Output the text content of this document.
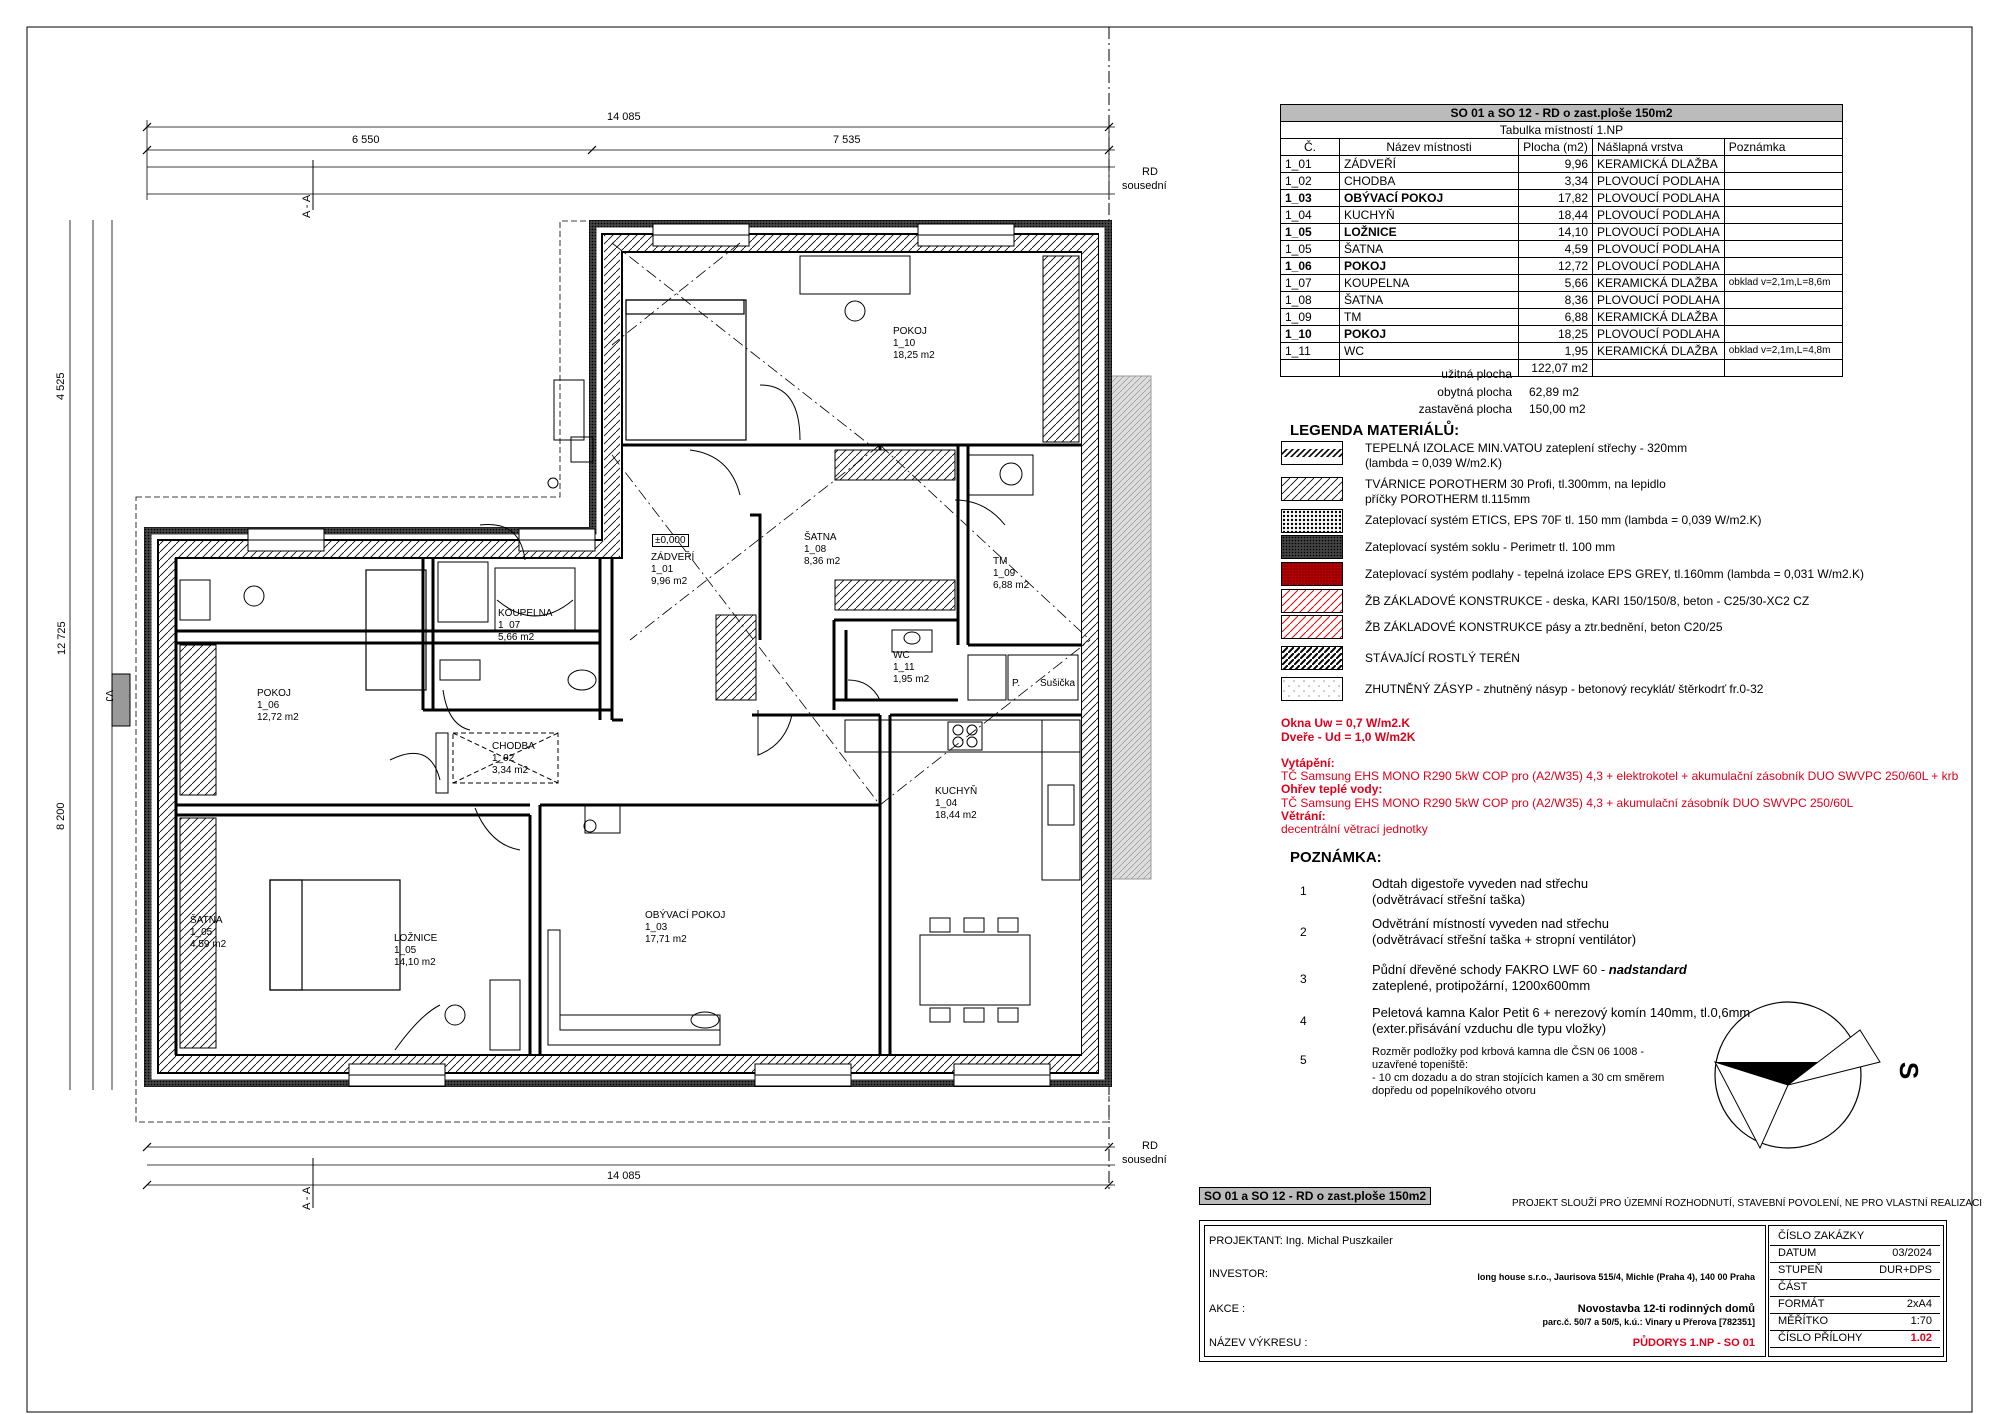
14 085
14 085
6 550	7 535
12 725
4 525
8 200
RD
sousední
RD
sousední
A - A
A - A
±0,000
VJ
POKOJ
1_10
18,25 m2
ŠATNA
1_08
8,36 m2
ZÁDVEŘÍ
1_01
9,96 m2
TM
1_09
6,88 m2
KOUPELNA
1_07
5,66 m2
POKOJ
1_06
12,72 m2
WC
1_11
1,95 m2
CHODBA
1_02
3,34 m2
KUCHYŇ
1_04
18,44 m2
ŠATNA
1_05
4,59 m2
LOŽNICE
1_05
14,10 m2
OBÝVACÍ POKOJ
1_03
17,71 m2
Sušička
P.
SO 01 a SO 12 - RD o zast.ploše 150m2				
Tabulka místností 1.NP				
Č.	Název místnosti	Plocha (m2)	Nášlapná vrstva	Poznámka
1_01	ZÁDVEŘÍ	9,96	KERAMICKÁ DLAŽBA	
1_02	CHODBA	3,34	PLOVOUCÍ PODLAHA	
1_03	OBÝVACÍ POKOJ	17,82	PLOVOUCÍ PODLAHA	
1_04	KUCHYŇ	18,44	PLOVOUCÍ PODLAHA	
1_05	LOŽNICE	14,10	PLOVOUCÍ PODLAHA	
1_05	ŠATNA	4,59	PLOVOUCÍ PODLAHA	
1_06	POKOJ	12,72	PLOVOUCÍ PODLAHA	
1_07	KOUPELNA	5,66	KERAMICKÁ DLAŽBA	obklad v=2,1m,L=8,6m
1_08	ŠATNA	8,36	PLOVOUCÍ PODLAHA	
1_09	TM	6,88	KERAMICKÁ DLAŽBA	
1_10	POKOJ	18,25	PLOVOUCÍ PODLAHA	
1_11	WC	1,95	KERAMICKÁ DLAŽBA	obklad v=2,1m,L=4,8m
		122,07 m2		
užitná plocha
obytná plocha 62,89 m2
zastavěná plocha 150,00 m2
LEGENDA MATERIÁLŮ:
TEPELNÁ IZOLACE MIN.VATOU zateplení střechy - 320mm
(lambda = 0,039 W/m2.K)
TVÁRNICE POROTHERM 30 Profi, tl.300mm, na lepidlo
příčky POROTHERM tl.115mm
Zateplovací systém ETICS, EPS 70F tl. 150 mm (lambda = 0,039 W/m2.K)
Zateplovací systém soklu - Perimetr tl. 100 mm
Zateplovací systém podlahy - tepelná izolace EPS GREY, tl.160mm (lambda = 0,031 W/m2.K)
ŽB ZÁKLADOVÉ KONSTRUKCE - deska, KARI 150/150/8, beton - C25/30-XC2 CZ
ŽB ZÁKLADOVÉ KONSTRUKCE pásy a ztr.bednění, beton C20/25
STÁVAJÍCÍ ROSTLÝ TERÉN
ZHUTNĚNÝ ZÁSYP - zhutněný násyp - betonový recyklát/ štěrkodrť fr.0-32
Okna Uw = 0,7 W/m2.K
Dveře - Ud = 1,0 W/m2K
Vytápění:
TČ Samsung EHS MONO R290 5kW COP pro (A2/W35) 4,3 + elektrokotel + akumulační zásobník DUO SWVPC 250/60L + krb
Ohřev teplé vody:
TČ Samsung EHS MONO R290 5kW COP pro (A2/W35) 4,3 + akumulační zásobník DUO SWVPC 250/60L
Větrání:
decentrální větrací jednotky
POZNÁMKA:
1	Odtah digestoře vyveden nad střechu
(odvětrávací střešní taška)
2
Odvětrání místností vyveden nad střechu
(odvětrávací střešní taška + stropní ventilátor)
3
Půdní dřevěné schody FAKRO LWF 60 - nadstandard
zateplené, protipožární, 1200x600mm
4
Peletová kamna Kalor Petit 6 + nerezový komín 140mm, tl.0,6mm
(exter.přisávání vzduchu dle typu vložky)
5
Rozměr podložky pod krbová kamna dle ČSN 06 1008 -
uzavřené topeniště:
- 10 cm dozadu a do stran stojících kamen a 30 cm směrem
dopředu od popelníkového otvoru
S
SO 01 a SO 12 - RD o zast.ploše 150m2
PROJEKT SLOUŽÍ PRO ÚZEMNÍ ROZHODNUTÍ, STAVEBNÍ POVOLENÍ, NE PRO VLASTNÍ REALIZACI
PROJEKTANT: Ing. Michal Puszkailer
INVESTOR:	long house s.r.o., Jaurisova 515/4, Michle (Praha 4), 140 00 Praha
AKCE :	Novostavba 12-ti rodinných domů
parc.č. 50/7 a 50/5, k.ú.: Vinary u Přerova [782351]
NÁZEV VÝKRESU :	PŮDORYS 1.NP - SO 01
ČÍSLO ZAKÁZKY
DATUM	03/2024
STUPEŇ	DUR+DPS
ČÁST
FORMÁT	2xA4
MĚŘÍTKO	1:70
ČÍSLO PŘÍLOHY	1.02
